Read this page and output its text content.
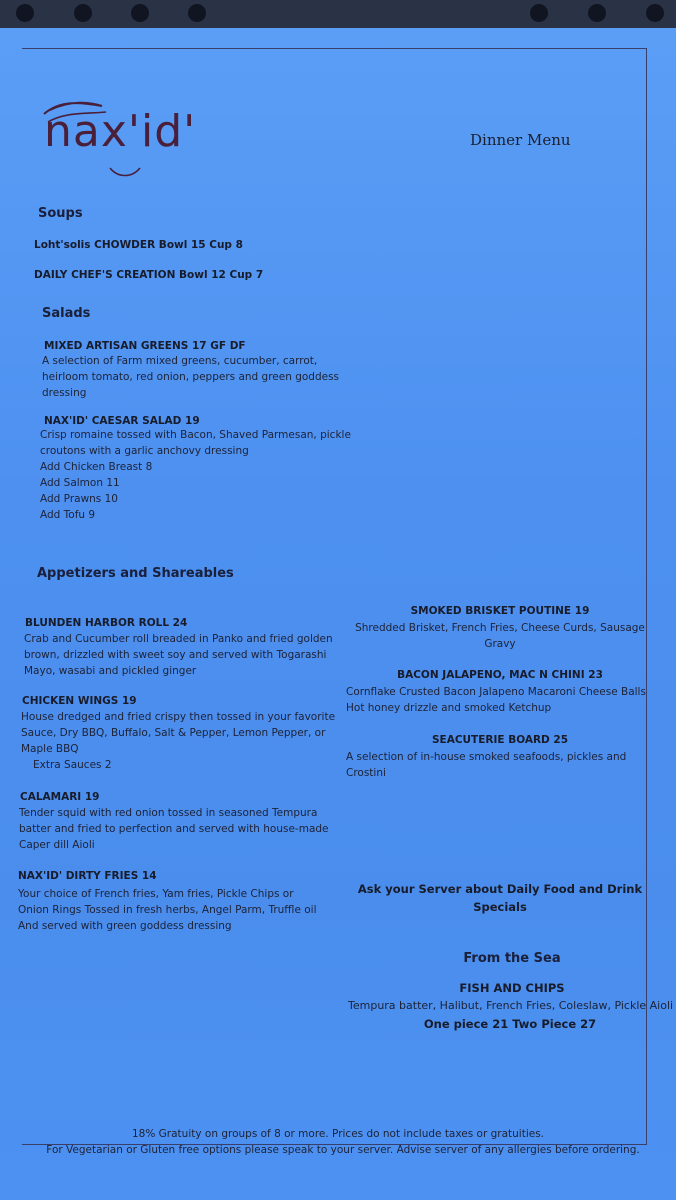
nax'id'	Dinner Menu
Soups
Loht'solis CHOWDER Bowl 15 Cup 8
DAILY CHEF'S CREATION Bowl 12 Cup 7
Salads
MIXED ARTISAN GREENS 17 GF DF
A selection of Farm mixed greens, cucumber, carrot,
heirloom tomato, red onion, peppers and green goddess
dressing
NAX'ID' CAESAR SALAD 19
Crisp romaine tossed with Bacon, Shaved Parmesan, pickle
croutons with a garlic anchovy dressing
Add Chicken Breast 8
Add Salmon 11
Add Prawns 10
Add Tofu 9
Appetizers and Shareables
BLUNDEN HARBOR ROLL 24
Crab and Cucumber roll breaded in Panko and fried golden
brown, drizzled with sweet soy and served with Togarashi
Mayo, wasabi and pickled ginger
CHICKEN WINGS 19
House dredged and fried crispy then tossed in your favorite
Sauce, Dry BBQ, Buffalo, Salt & Pepper, Lemon Pepper, or
Maple BBQ
Extra Sauces 2
CALAMARI 19
Tender squid with red onion tossed in seasoned Tempura
batter and fried to perfection and served with house-made
Caper dill Aioli
NAX'ID' DIRTY FRIES 14
Your choice of French fries, Yam fries, Pickle Chips or
Onion Rings Tossed in fresh herbs, Angel Parm, Truffle oil
And served with green goddess dressing
SMOKED BRISKET POUTINE 19
Shredded Brisket, French Fries, Cheese Curds, Sausage
Gravy
BACON JALAPENO, MAC N CHINI 23
Cornflake Crusted Bacon Jalapeno Macaroni Cheese Balls
Hot honey drizzle and smoked Ketchup
SEACUTERIE BOARD 25
A selection of in-house smoked seafoods, pickles and
Crostini
Ask your Server about Daily Food and Drink
Specials
From the Sea
FISH AND CHIPS
Tempura batter, Halibut, French Fries, Coleslaw, Pickle Aioli
One piece 21 Two Piece 27
18% Gratuity on groups of 8 or more. Prices do not include taxes or gratuities.
For Vegetarian or Gluten free options please speak to your server. Advise server of any allergies before ordering.
